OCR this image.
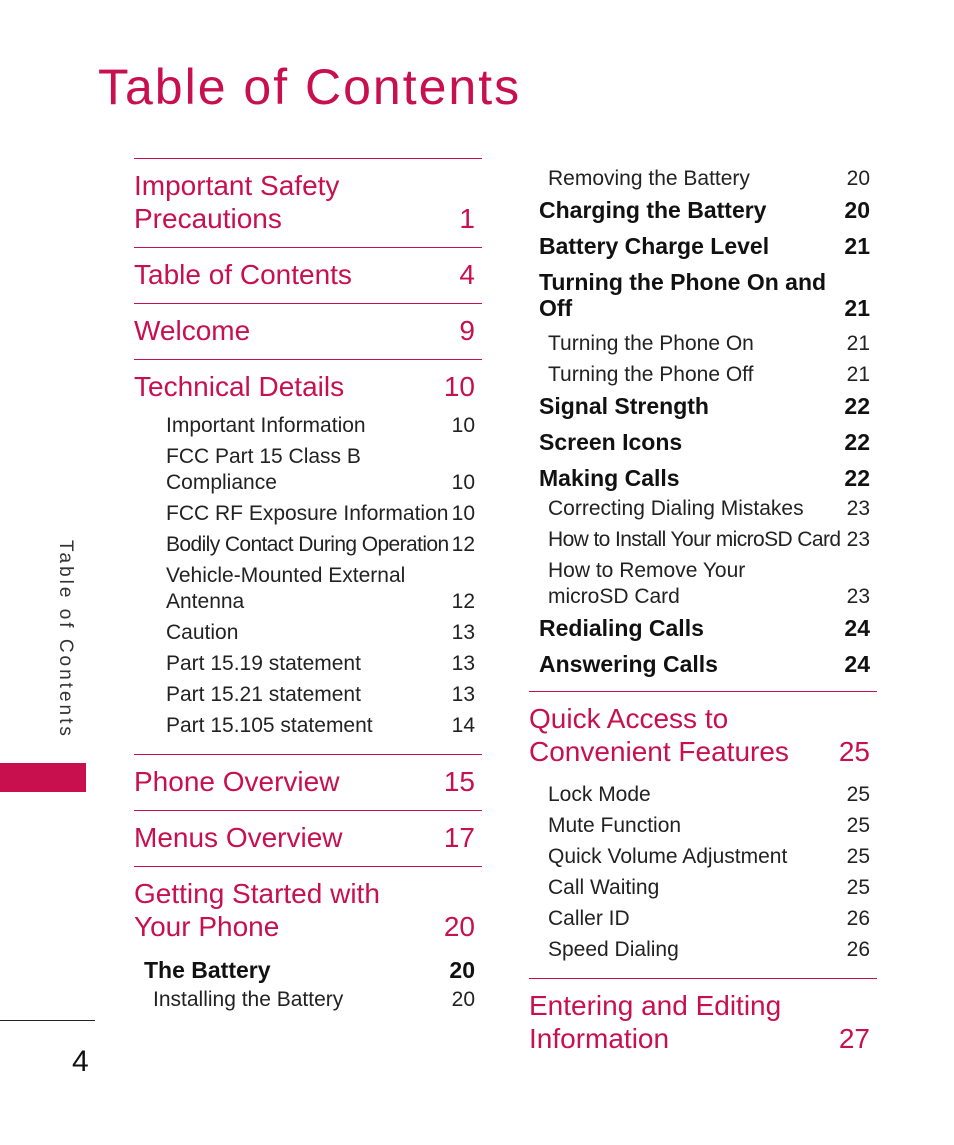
Table of Contents
Table of Contents
4
Important Safety Precautions	1
Table of Contents	4
Welcome	9
Technical Details	10
Important Information	10
FCC Part 15 Class B Compliance	10
FCC RF Exposure Information 10
Bodily Contact During Operation 12
Vehicle-Mounted External Antenna	12
Caution	13
Part 15.19 statement	13
Part 15.21 statement	13
Part 15.105 statement	14
Phone Overview	15
Menus Overview	17
Getting Started with Your Phone	20
The Battery	20
Installing the Battery	20
Removing the Battery	20
Charging the Battery	20
Battery Charge Level	21
Turning the Phone On and Off	21
Turning the Phone On	21
Turning the Phone Off	21
Signal Strength	22
Screen Icons	22
Making Calls	22
Correcting Dialing Mistakes	23
How to Install Your microSD Card 23
How to Remove Your microSD Card	23
Redialing Calls	24
Answering Calls	24
Quick Access to Convenient Features	25
Lock Mode	25
Mute Function	25
Quick Volume Adjustment	25
Call Waiting	25
Caller ID	26
Speed Dialing	26
Entering and Editing Information	27
